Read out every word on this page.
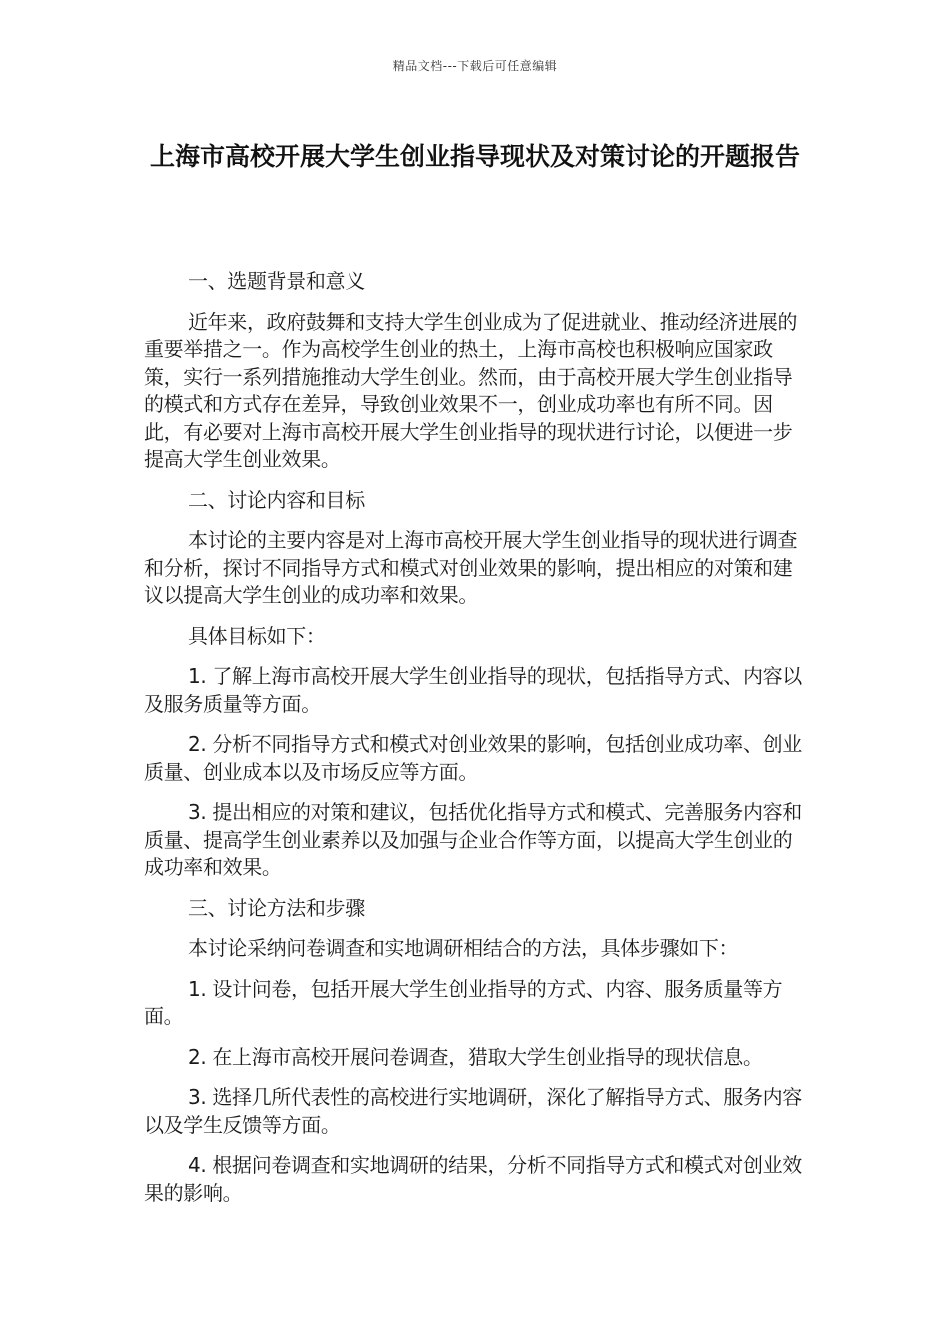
精品文档---下载后可任意编辑
上海市高校开展大学生创业指导现状及对策讨论的开题报告

一、选题背景和意义

近年来，政府鼓舞和支持大学生创业成为了促进就业、推动经济进展的重要举措之一。作为高校学生创业的热土，上海市高校也积极响应国家政策，实行一系列措施推动大学生创业。然而，由于高校开展大学生创业指导的模式和方式存在差异，导致创业效果不一，创业成功率也有所不同。因此，有必要对上海市高校开展大学生创业指导的现状进行讨论，以便进一步提高大学生创业效果。

二、讨论内容和目标

本讨论的主要内容是对上海市高校开展大学生创业指导的现状进行调查和分析，探讨不同指导方式和模式对创业效果的影响，提出相应的对策和建议以提高大学生创业的成功率和效果。

具体目标如下：

1. 了解上海市高校开展大学生创业指导的现状，包括指导方式、内容以及服务质量等方面。

2. 分析不同指导方式和模式对创业效果的影响，包括创业成功率、创业质量、创业成本以及市场反应等方面。

3. 提出相应的对策和建议，包括优化指导方式和模式、完善服务内容和质量、提高学生创业素养以及加强与企业合作等方面，以提高大学生创业的成功率和效果。

三、讨论方法和步骤

本讨论采纳问卷调查和实地调研相结合的方法，具体步骤如下：

1. 设计问卷，包括开展大学生创业指导的方式、内容、服务质量等方面。

2. 在上海市高校开展问卷调查，猎取大学生创业指导的现状信息。

3. 选择几所代表性的高校进行实地调研，深化了解指导方式、服务内容以及学生反馈等方面。

4. 根据问卷调查和实地调研的结果，分析不同指导方式和模式对创业效果的影响。
